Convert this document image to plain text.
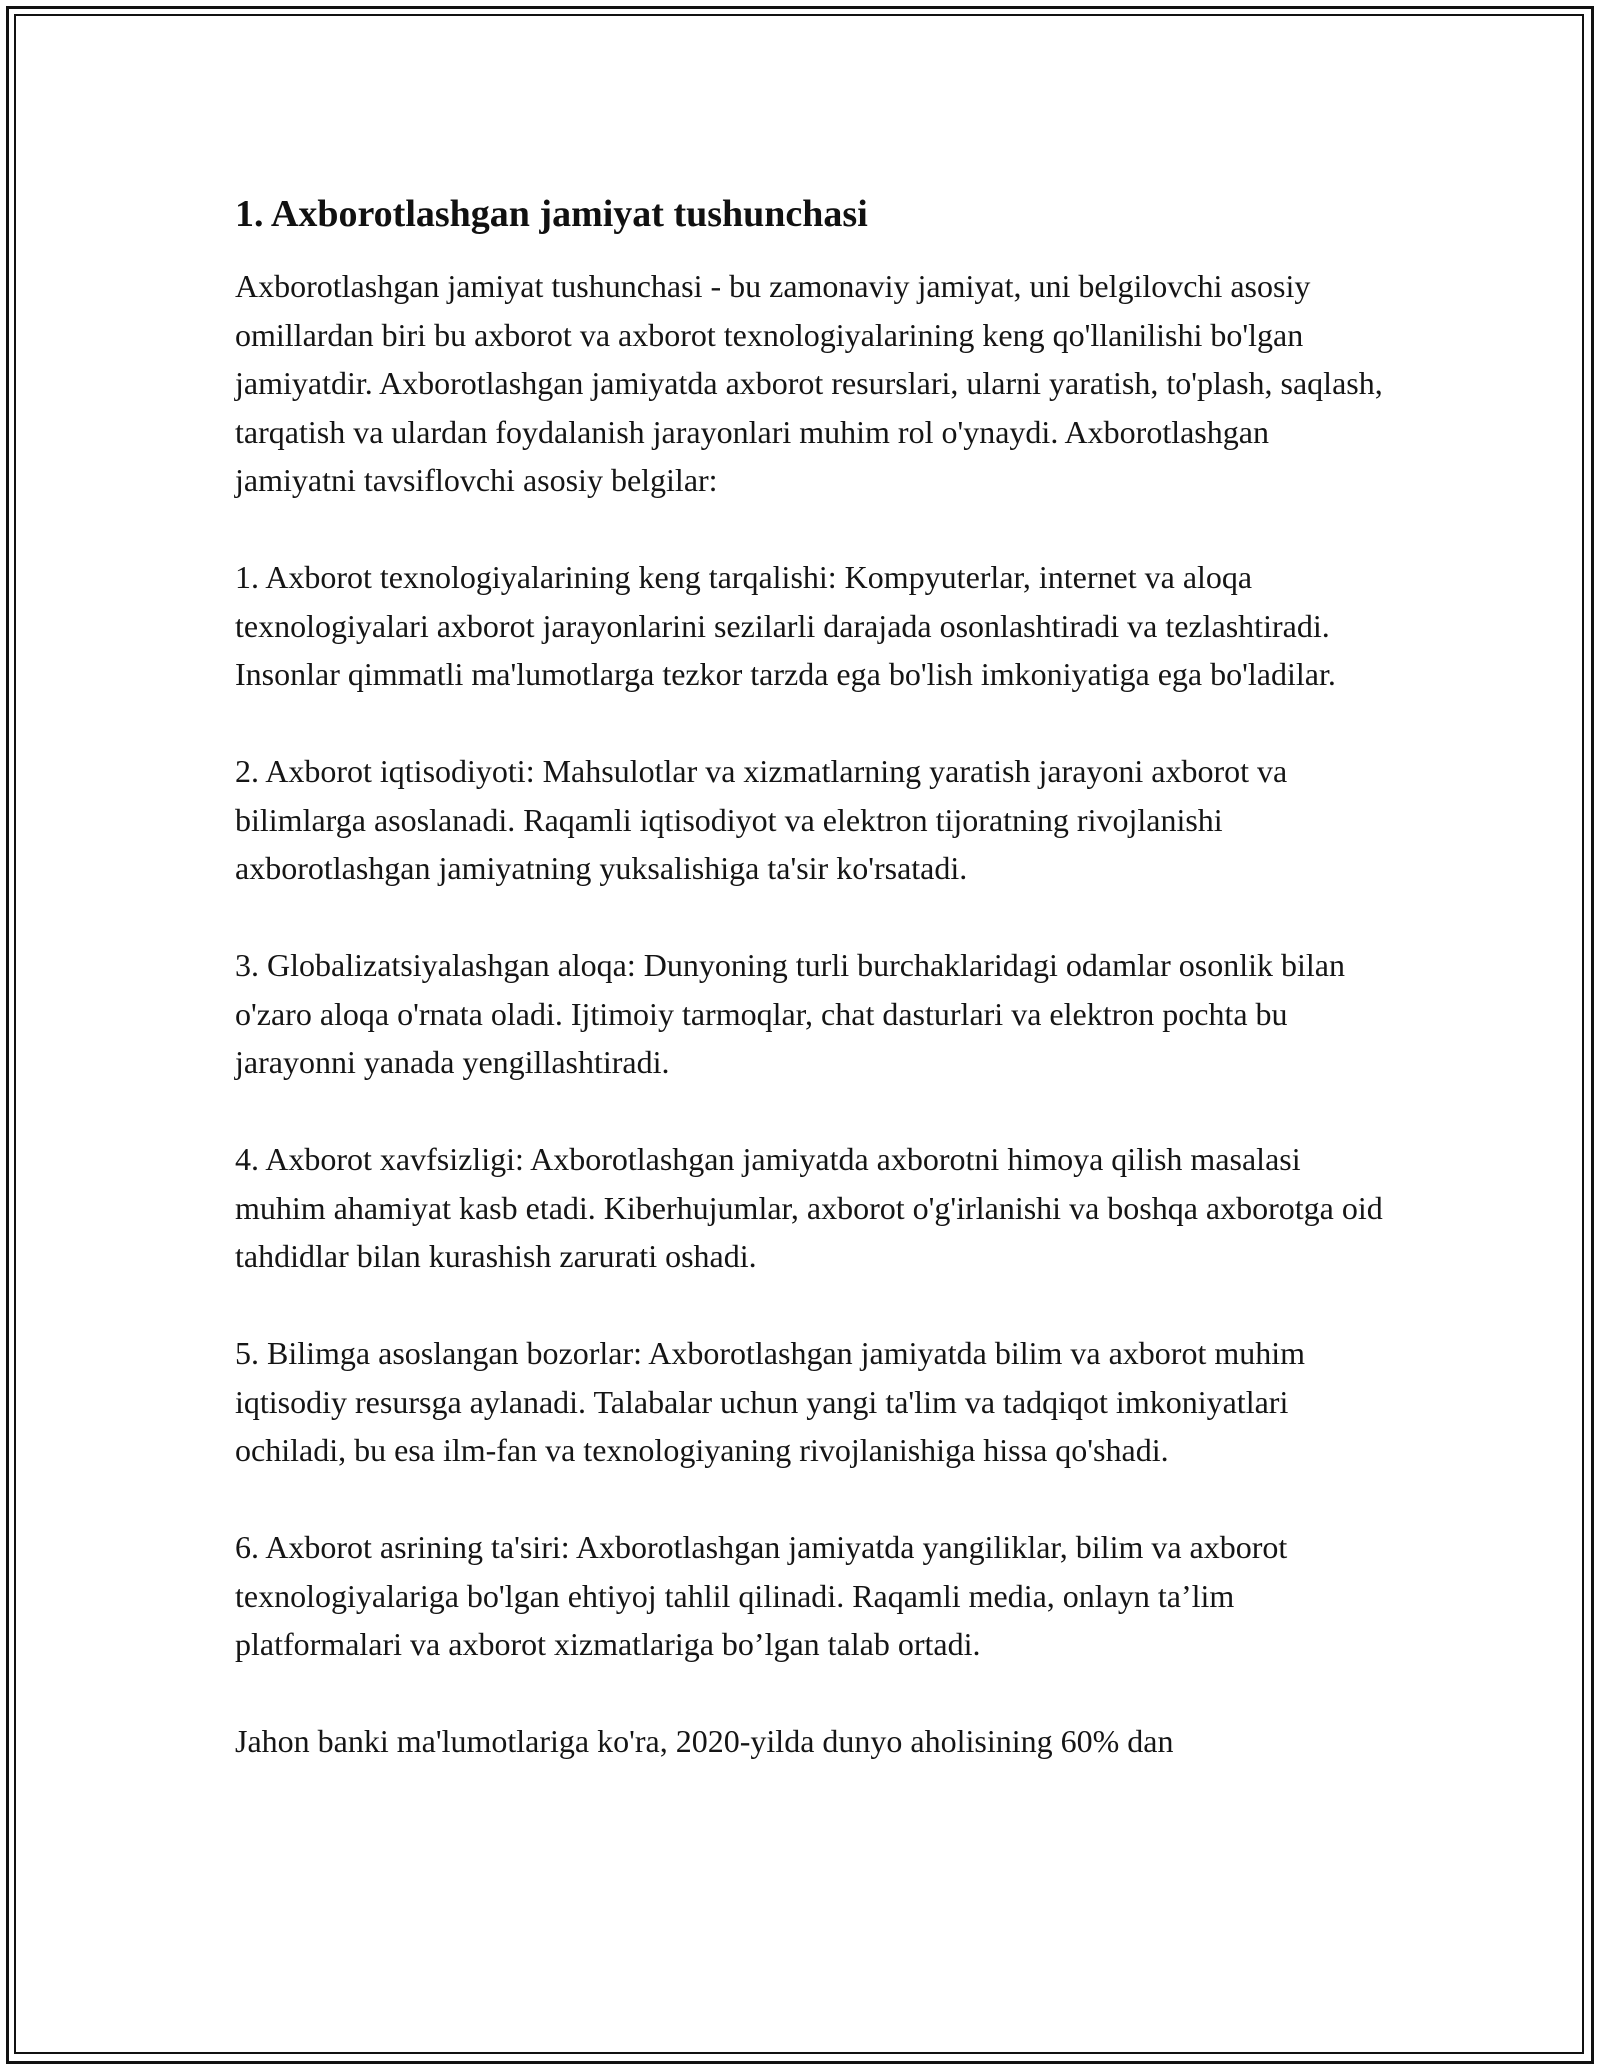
1. Axborotlashgan jamiyat tushunchasi

Axborotlashgan jamiyat tushunchasi - bu zamonaviy jamiyat, uni belgilovchi asosiy omillardan biri bu axborot va axborot texnologiyalarining keng qo'llanilishi bo'lgan jamiyatdir. Axborotlashgan jamiyatda axborot resurslari, ularni yaratish, to'plash, saqlash, tarqatish va ulardan foydalanish jarayonlari muhim rol o'ynaydi. Axborotlashgan jamiyatni tavsiflovchi asosiy belgilar:

1. Axborot texnologiyalarining keng tarqalishi: Kompyuterlar, internet va aloqa texnologiyalari axborot jarayonlarini sezilarli darajada osonlashtiradi va tezlashtiradi. Insonlar qimmatli ma'lumotlarga tezkor tarzda ega bo'lish imkoniyatiga ega bo'ladilar.

2. Axborot iqtisodiyoti: Mahsulotlar va xizmatlarning yaratish jarayoni axborot va bilimlarga asoslanadi. Raqamli iqtisodiyot va elektron tijoratning rivojlanishi axborotlashgan jamiyatning yuksalishiga ta'sir ko'rsatadi.

3. Globalizatsiyalashgan aloqa: Dunyoning turli burchaklaridagi odamlar osonlik bilan o'zaro aloqa o'rnata oladi. Ijtimoiy tarmoqlar, chat dasturlari va elektron pochta bu jarayonni yanada yengillashtiradi.

4. Axborot xavfsizligi: Axborotlashgan jamiyatda axborotni himoya qilish masalasi muhim ahamiyat kasb etadi. Kiberhujumlar, axborot o'g'irlanishi va boshqa axborotga oid tahdidlar bilan kurashish zarurati oshadi.

5. Bilimga asoslangan bozorlar: Axborotlashgan jamiyatda bilim va axborot muhim iqtisodiy resursga aylanadi. Talabalar uchun yangi ta'lim va tadqiqot imkoniyatlari ochiladi, bu esa ilm-fan va texnologiyaning rivojlanishiga hissa qo'shadi.

6. Axborot asrining ta'siri: Axborotlashgan jamiyatda yangiliklar, bilim va axborot texnologiyalariga bo'lgan ehtiyoj tahlil qilinadi. Raqamli media, onlayn ta’lim platformalari va axborot xizmatlariga bo’lgan talab ortadi.

Jahon banki ma'lumotlariga ko'ra, 2020-yilda dunyo aholisining 60% dan
